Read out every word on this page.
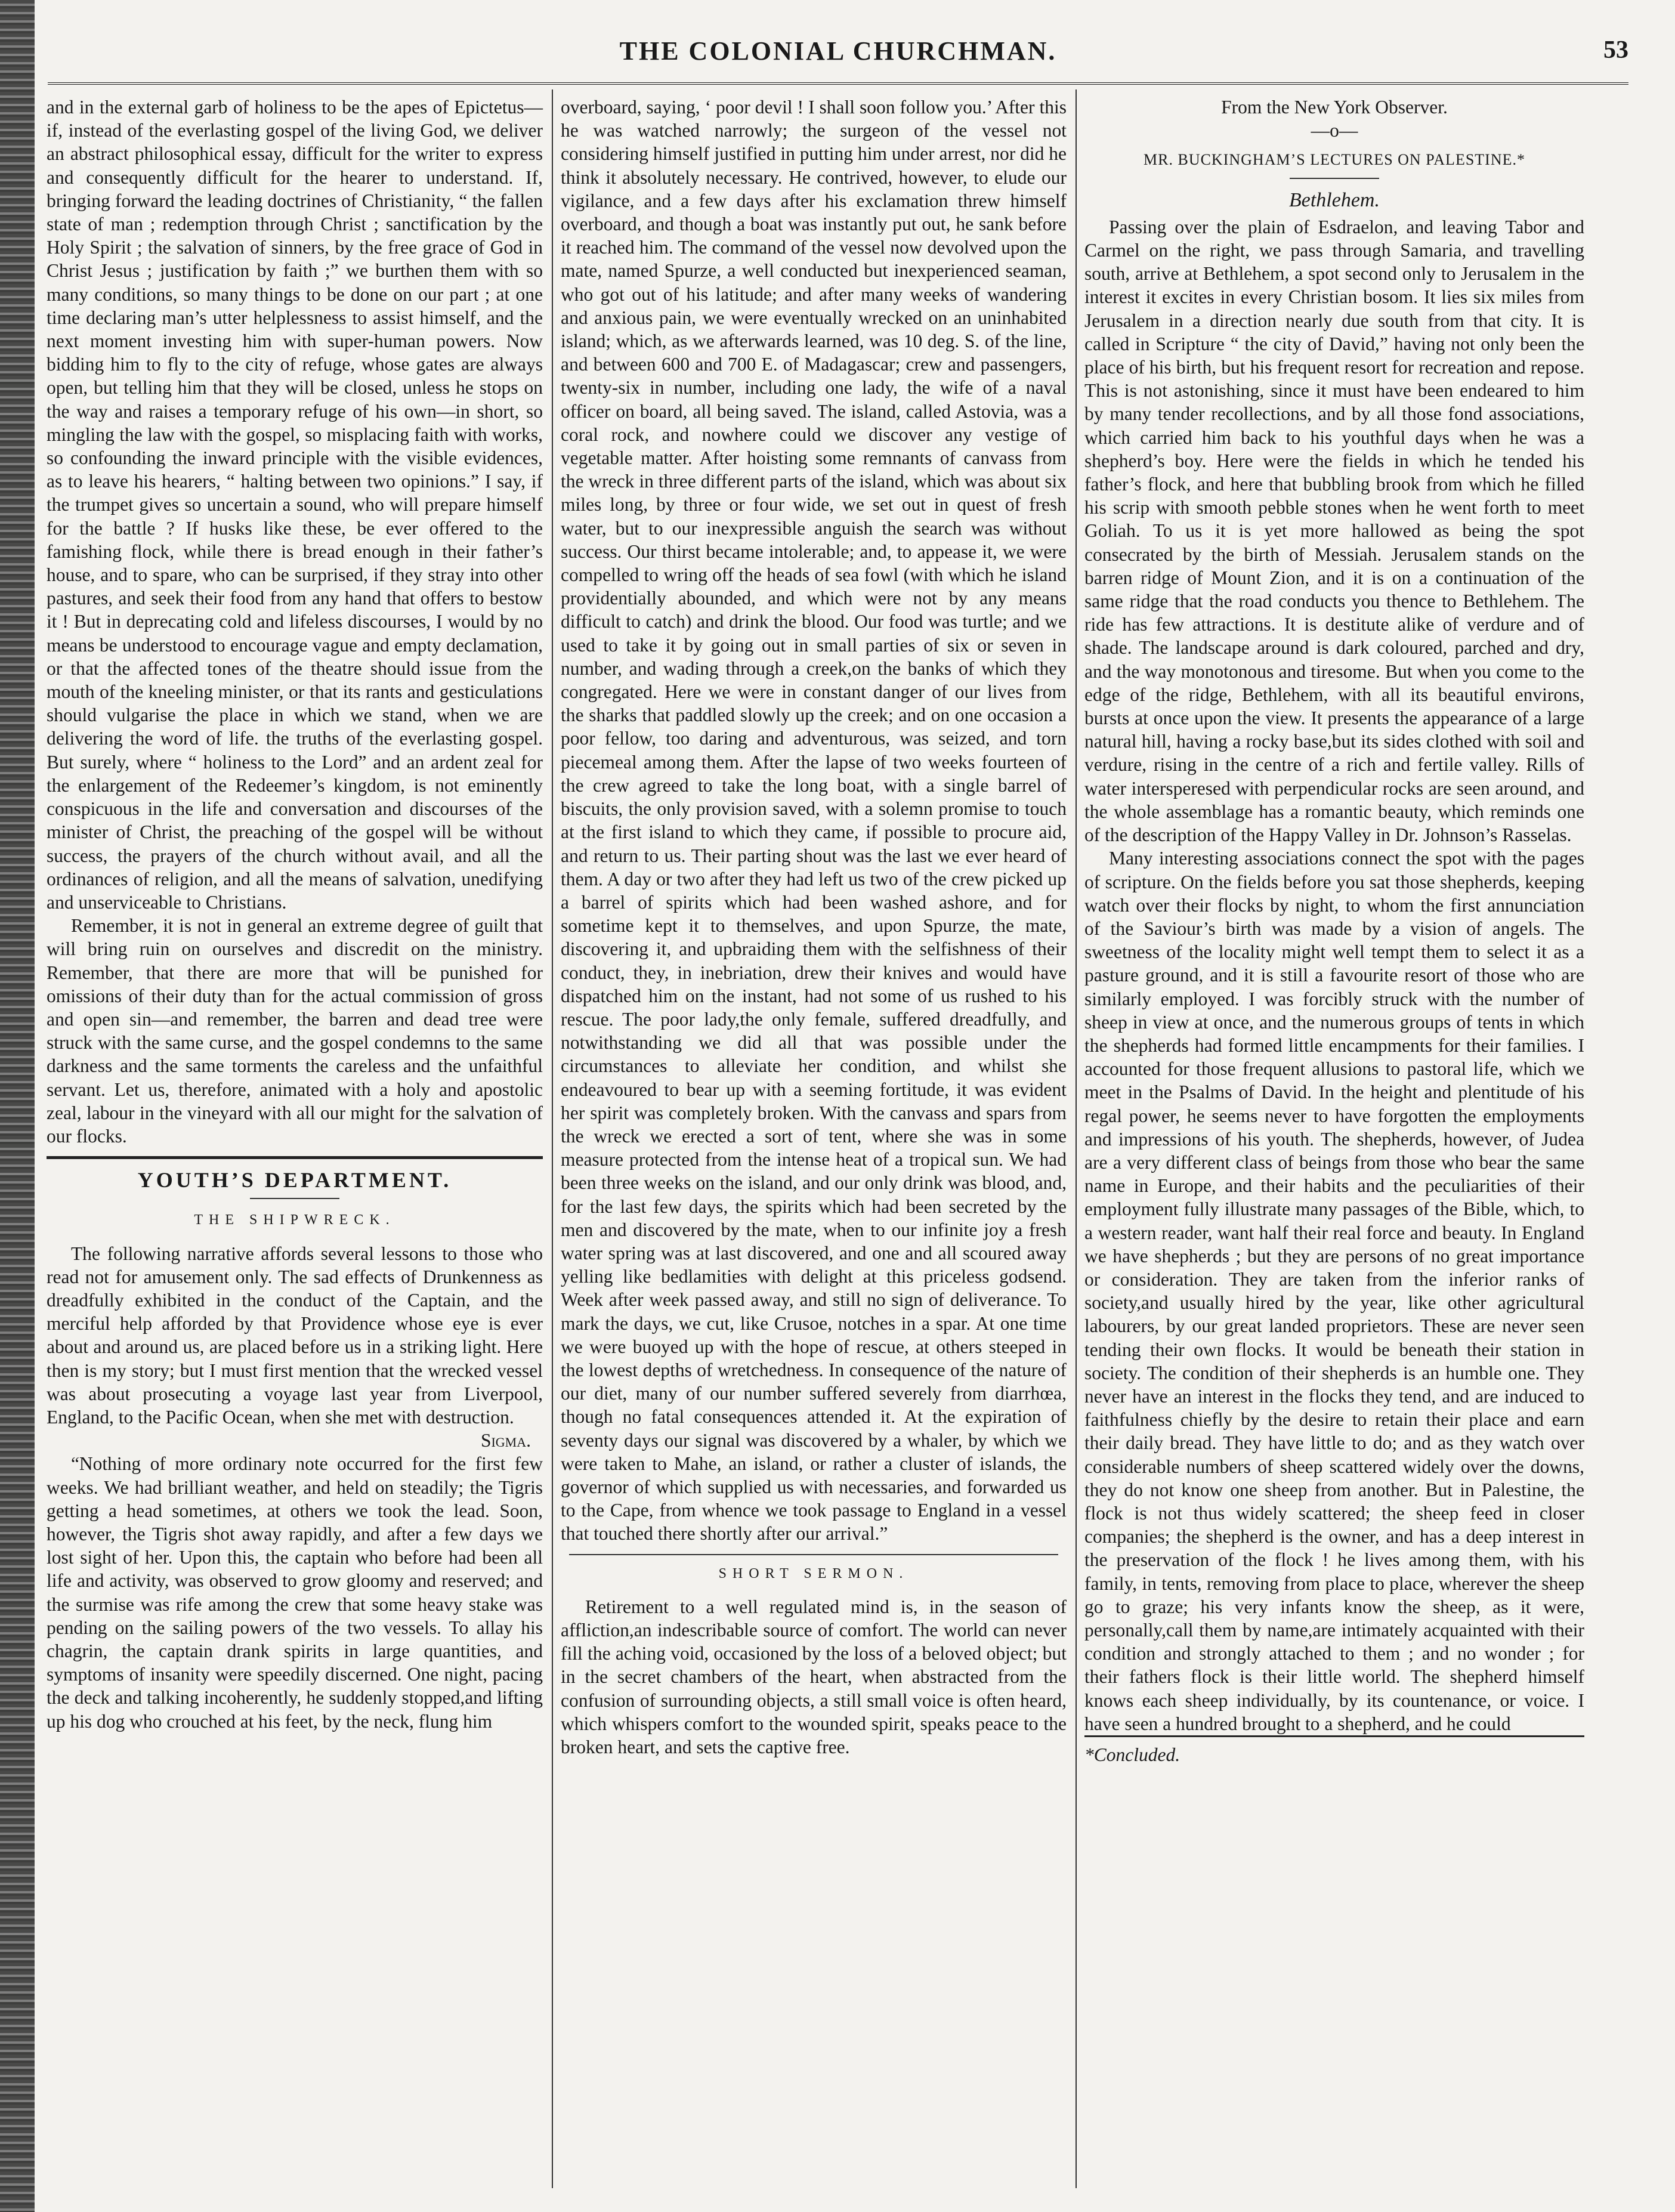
THE COLONIAL CHURCHMAN.	53

and in the external garb of holiness to be the apes of Epictetus—if, instead of the everlasting gospel of the living God, we deliver an abstract philosophical essay, difficult for the writer to express and consequently difficult for the hearer to understand. If, bringing forward the leading doctrines of Christianity, “ the fallen state of man ; redemption through Christ ; sanctification by the Holy Spirit ; the salvation of sinners, by the free grace of God in Christ Jesus ; justification by faith ;” we burthen them with so many conditions, so many things to be done on our part ; at one time declaring man’s utter helplessness to assist himself, and the next moment investing him with super-human powers. Now bidding him to fly to the city of refuge, whose gates are always open, but telling him that they will be closed, unless he stops on the way and raises a temporary refuge of his own—in short, so mingling the law with the gospel, so misplacing faith with works, so confounding the inward principle with the visible evidences, as to leave his hearers, “ halting between two opinions.” I say, if the trumpet gives so uncertain a sound, who will prepare himself for the battle ? If husks like these, be ever offered to the famishing flock, while there is bread enough in their father’s house, and to spare, who can be surprised, if they stray into other pastures, and seek their food from any hand that offers to bestow it ! But in deprecating cold and lifeless discourses, I would by no means be understood to encourage vague and empty declamation, or that the affected tones of the theatre should issue from the mouth of the kneeling minister, or that its rants and gesticulations should vulgarise the place in which we stand, when we are delivering the word of life. the truths of the everlasting gospel. But surely, where “ holiness to the Lord” and an ardent zeal for the enlargement of the Redeemer’s kingdom, is not eminently conspicuous in the life and conversation and discourses of the minister of Christ, the preaching of the gospel will be without success, the prayers of the church without avail, and all the ordinances of religion, and all the means of salvation, unedifying and unserviceable to Christians.

Remember, it is not in general an extreme degree of guilt that will bring ruin on ourselves and discredit on the ministry. Remember, that there are more that will be punished for omissions of their duty than for the actual commission of gross and open sin—and remember, the barren and dead tree were struck with the same curse, and the gospel condemns to the same darkness and the same torments the careless and the unfaithful servant. Let us, therefore, animated with a holy and apostolic zeal, labour in the vineyard with all our might for the salvation of our flocks.

YOUTH’S DEPARTMENT.
THE SHIPWRECK.

The following narrative affords several lessons to those who read not for amusement only. The sad effects of Drunkenness as dreadfully exhibited in the conduct of the Captain, and the merciful help afforded by that Providence whose eye is ever about and around us, are placed before us in a striking light. Here then is my story; but I must first mention that the wrecked vessel was about prosecuting a voyage last year from Liverpool, England, to the Pacific Ocean, when she met with destruction.

Sigma.

“Nothing of more ordinary note occurred for the first few weeks. We had brilliant weather, and held on steadily; the Tigris getting a head sometimes, at others we took the lead. Soon, however, the Tigris shot away rapidly, and after a few days we lost sight of her. Upon this, the captain who before had been all life and activity, was observed to grow gloomy and reserved; and the surmise was rife among the crew that some heavy stake was pending on the sailing powers of the two vessels. To allay his chagrin, the captain drank spirits in large quantities, and symptoms of insanity were speedily discerned. One night, pacing the deck and talking incoherently, he suddenly stopped,and lifting up his dog who crouched at his feet, by the neck, flung him

overboard, saying, ‘ poor devil ! I shall soon follow you.’ After this he was watched narrowly; the surgeon of the vessel not considering himself justified in putting him under arrest, nor did he think it absolutely necessary. He contrived, however, to elude our vigilance, and a few days after his exclamation threw himself overboard, and though a boat was instantly put out, he sank before it reached him. The command of the vessel now devolved upon the mate, named Spurze, a well conducted but inexperienced seaman, who got out of his latitude; and after many weeks of wandering and anxious pain, we were eventually wrecked on an uninhabited island; which, as we afterwards learned, was 10 deg. S. of the line, and between 600 and 700 E. of Madagascar; crew and passengers, twenty-six in number, including one lady, the wife of a naval officer on board, all being saved. The island, called Astovia, was a coral rock, and nowhere could we discover any vestige of vegetable matter. After hoisting some remnants of canvass from the wreck in three different parts of the island, which was about six miles long, by three or four wide, we set out in quest of fresh water, but to our inexpressible anguish the search was without success. Our thirst became intolerable; and, to appease it, we were compelled to wring off the heads of sea fowl (with which he island providentially abounded, and which were not by any means difficult to catch) and drink the blood. Our food was turtle; and we used to take it by going out in small parties of six or seven in number, and wading through a creek,on the banks of which they congregated. Here we were in constant danger of our lives from the sharks that paddled slowly up the creek; and on one occasion a poor fellow, too daring and adventurous, was seized, and torn piecemeal among them. After the lapse of two weeks fourteen of the crew agreed to take the long boat, with a single barrel of biscuits, the only provision saved, with a solemn promise to touch at the first island to which they came, if possible to procure aid, and return to us. Their parting shout was the last we ever heard of them. A day or two after they had left us two of the crew picked up a barrel of spirits which had been washed ashore, and for sometime kept it to themselves, and upon Spurze, the mate, discovering it, and upbraiding them with the selfishness of their conduct, they, in inebriation, drew their knives and would have dispatched him on the instant, had not some of us rushed to his rescue. The poor lady,the only female, suffered dreadfully, and notwithstanding we did all that was possible under the circumstances to alleviate her condition, and whilst she endeavoured to bear up with a seeming fortitude, it was evident her spirit was completely broken. With the canvass and spars from the wreck we erected a sort of tent, where she was in some measure protected from the intense heat of a tropical sun. We had been three weeks on the island, and our only drink was blood, and, for the last few days, the spirits which had been secreted by the men and discovered by the mate, when to our infinite joy a fresh water spring was at last discovered, and one and all scoured away yelling like bedlamities with delight at this priceless godsend. Week after week passed away, and still no sign of deliverance. To mark the days, we cut, like Crusoe, notches in a spar. At one time we were buoyed up with the hope of rescue, at others steeped in the lowest depths of wretchedness. In consequence of the nature of our diet, many of our number suffered severely from diarrhœa, though no fatal consequences attended it. At the expiration of seventy days our signal was discovered by a whaler, by which we were taken to Mahe, an island, or rather a cluster of islands, the governor of which supplied us with necessaries, and forwarded us to the Cape, from whence we took passage to England in a vessel that touched there shortly after our arrival.”

SHORT SERMON.

Retirement to a well regulated mind is, in the season of affliction,an indescribable source of comfort. The world can never fill the aching void, occasioned by the loss of a beloved object; but in the secret chambers of the heart, when abstracted from the confusion of surrounding objects, a still small voice is often heard, which whispers comfort to the wounded spirit, speaks peace to the broken heart, and sets the captive free.

From the New York Observer.
—o—
MR. BUCKINGHAM’S LECTURES ON PALESTINE.*
Bethlehem.

Passing over the plain of Esdraelon, and leaving Tabor and Carmel on the right, we pass through Samaria, and travelling south, arrive at Bethlehem, a spot second only to Jerusalem in the interest it excites in every Christian bosom. It lies six miles from Jerusalem in a direction nearly due south from that city. It is called in Scripture “ the city of David,” having not only been the place of his birth, but his frequent resort for recreation and repose. This is not astonishing, since it must have been endeared to him by many tender recollections, and by all those fond associations, which carried him back to his youthful days when he was a shepherd’s boy. Here were the fields in which he tended his father’s flock, and here that bubbling brook from which he filled his scrip with smooth pebble stones when he went forth to meet Goliah. To us it is yet more hallowed as being the spot consecrated by the birth of Messiah. Jerusalem stands on the barren ridge of Mount Zion, and it is on a continuation of the same ridge that the road conducts you thence to Bethlehem. The ride has few attractions. It is destitute alike of verdure and of shade. The landscape around is dark coloured, parched and dry, and the way monotonous and tiresome. But when you come to the edge of the ridge, Bethlehem, with all its beautiful environs, bursts at once upon the view. It presents the appearance of a large natural hill, having a rocky base,but its sides clothed with soil and verdure, rising in the centre of a rich and fertile valley. Rills of water intersperesed with perpendicular rocks are seen around, and the whole assemblage has a romantic beauty, which reminds one of the description of the Happy Valley in Dr. Johnson’s Rasselas.

Many interesting associations connect the spot with the pages of scripture. On the fields before you sat those shepherds, keeping watch over their flocks by night, to whom the first annunciation of the Saviour’s birth was made by a vision of angels. The sweetness of the locality might well tempt them to select it as a pasture ground, and it is still a favourite resort of those who are similarly employed. I was forcibly struck with the number of sheep in view at once, and the numerous groups of tents in which the shepherds had formed little encampments for their families. I accounted for those frequent allusions to pastoral life, which we meet in the Psalms of David. In the height and plentitude of his regal power, he seems never to have forgotten the employments and impressions of his youth. The shepherds, however, of Judea are a very different class of beings from those who bear the same name in Europe, and their habits and the peculiarities of their employment fully illustrate many passages of the Bible, which, to a western reader, want half their real force and beauty. In England we have shepherds ; but they are persons of no great importance or consideration. They are taken from the inferior ranks of society,and usually hired by the year, like other agricultural labourers, by our great landed proprietors. These are never seen tending their own flocks. It would be beneath their station in society. The condition of their shepherds is an humble one. They never have an interest in the flocks they tend, and are induced to faithfulness chiefly by the desire to retain their place and earn their daily bread. They have little to do; and as they watch over considerable numbers of sheep scattered widely over the downs, they do not know one sheep from another. But in Palestine, the flock is not thus widely scattered; the sheep feed in closer companies; the shepherd is the owner, and has a deep interest in the preservation of the flock ! he lives among them, with his family, in tents, removing from place to place, wherever the sheep go to graze; his very infants know the sheep, as it were, personally,call them by name,are intimately acquainted with their condition and strongly attached to them ; and no wonder ; for their fathers flock is their little world. The shepherd himself knows each sheep individually, by its countenance, or voice. I have seen a hundred brought to a shepherd, and he could

*Concluded.
